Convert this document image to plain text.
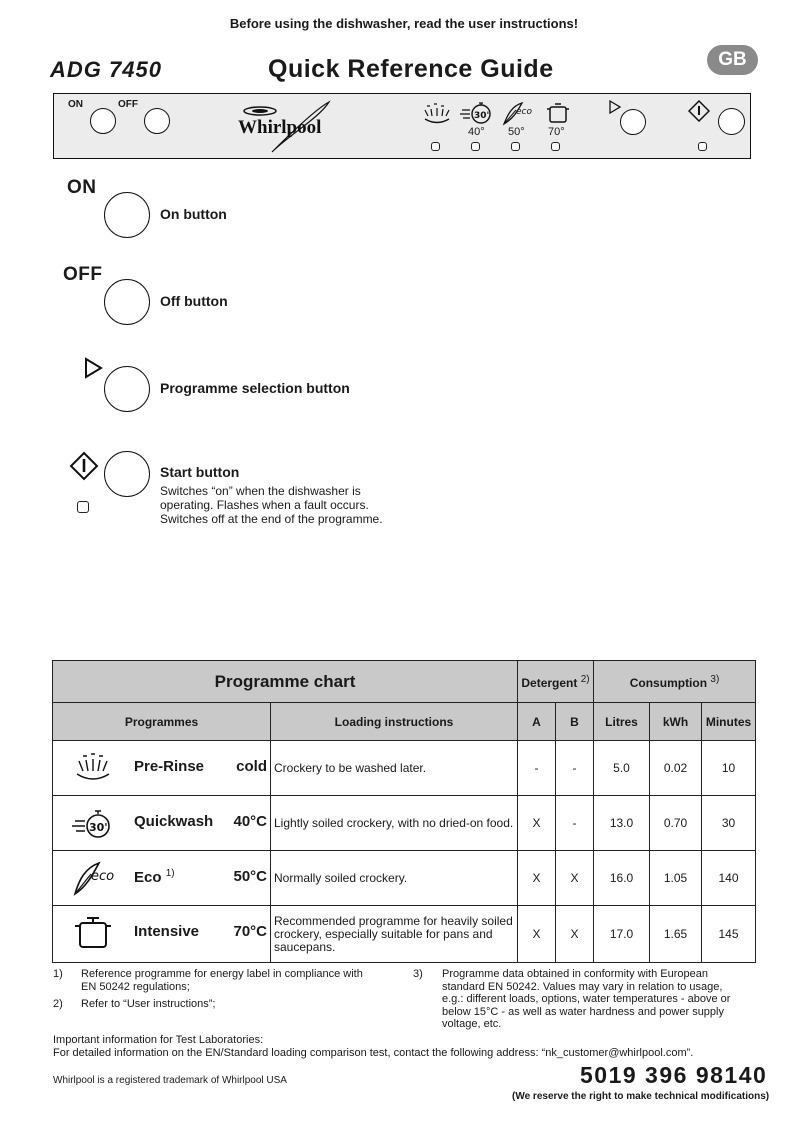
Before using the dishwasher, read the user instructions!
ADG 7450	Quick Reference Guide	GB
ON	OFF
Whirlpool
30'	eco
40° 50° 70°
ON
On button
OFF
Off button
Programme selection button
Start button
Switches “on” when the dishwasher is
operating. Flashes when a fault occurs.
Switches off at the end of the programme.
Programme chart		Detergent $^{2)}$		Consumption $^{3)}$
Programmes	Loading instructions	A	B	Litres	kWh	Minutes

Pre-Rinse cold	Crockery to be washed later.	-	-	5.0	0.02	10

30' Quickwash 40°C	Lightly soiled crockery, with no dried-on food.	X	-	13.0	0.70	30

eco Eco $^{1)}$ 50°C	Normally soiled crockery.	X	X	16.0	1.05	140

Intensive 70°C	Recommended programme for heavily soiled crockery, especially suitable for pans and saucepans.	X	X	17.0	1.65	145
1) Reference programme for energy label in compliance with
EN 50242 regulations;
2) Refer to “User instructions”;
3) Programme data obtained in conformity with European
standard EN 50242. Values may vary in relation to usage,
e.g.: different loads, options, water temperatures - above or
below 15°C - as well as water hardness and power supply
voltage, etc.
Important information for Test Laboratories:
For detailed information on the EN/Standard loading comparison test, contact the following address: “nk_customer@whirlpool.com”.
Whirlpool is a registered trademark of Whirlpool USA	5019 396 98140
(We reserve the right to make technical modifications)
